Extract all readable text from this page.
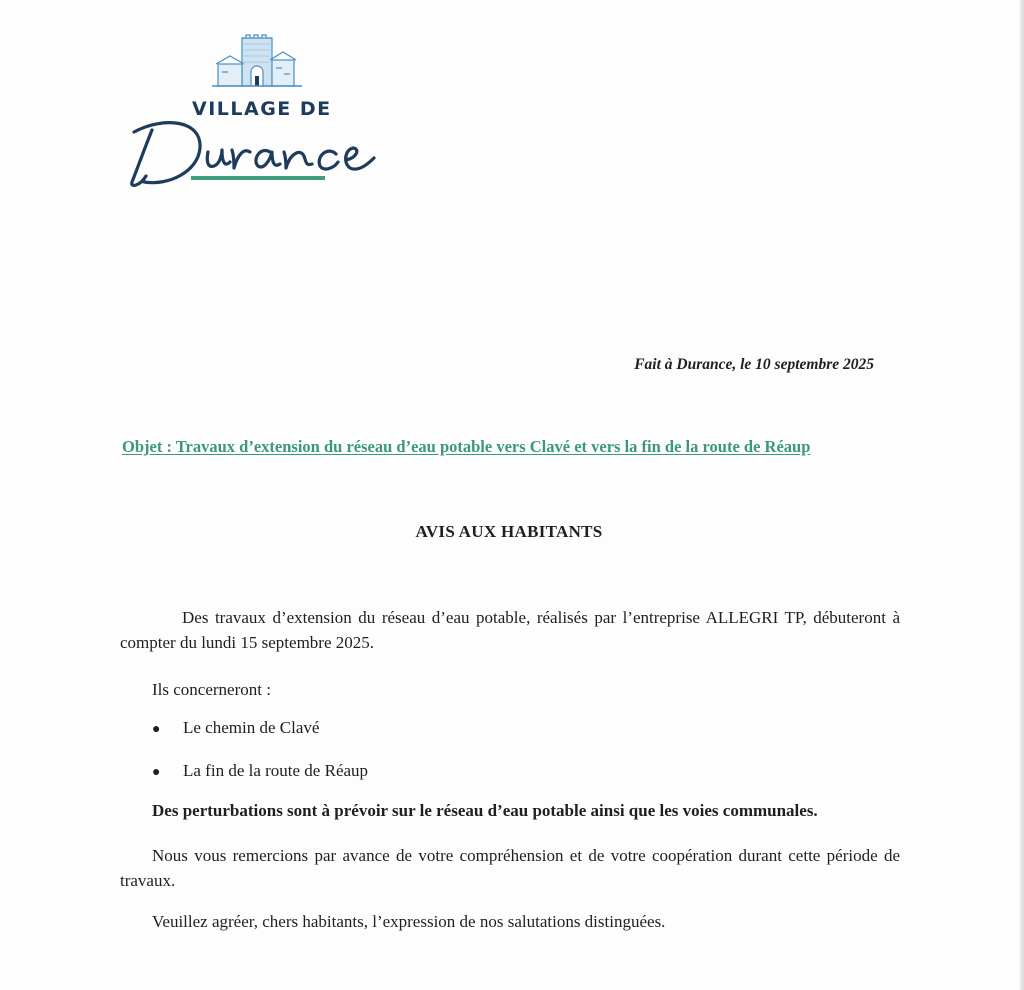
VILLAGE DE
Fait à Durance, le 10 septembre 2025
Objet : Travaux d’extension du réseau d’eau potable vers Clavé et vers la fin de la route de Réaup
AVIS AUX HABITANTS
Des travaux d’extension du réseau d’eau potable, réalisés par l’entreprise ALLEGRI TP, débuteront à compter du lundi 15 septembre 2025.
Ils concerneront :
● Le chemin de Clavé
● La fin de la route de Réaup
Des perturbations sont à prévoir sur le réseau d’eau potable ainsi que les voies communales.
Nous vous remercions par avance de votre compréhension et de votre coopération durant cette période de travaux.
Veuillez agréer, chers habitants, l’expression de nos salutations distinguées.
